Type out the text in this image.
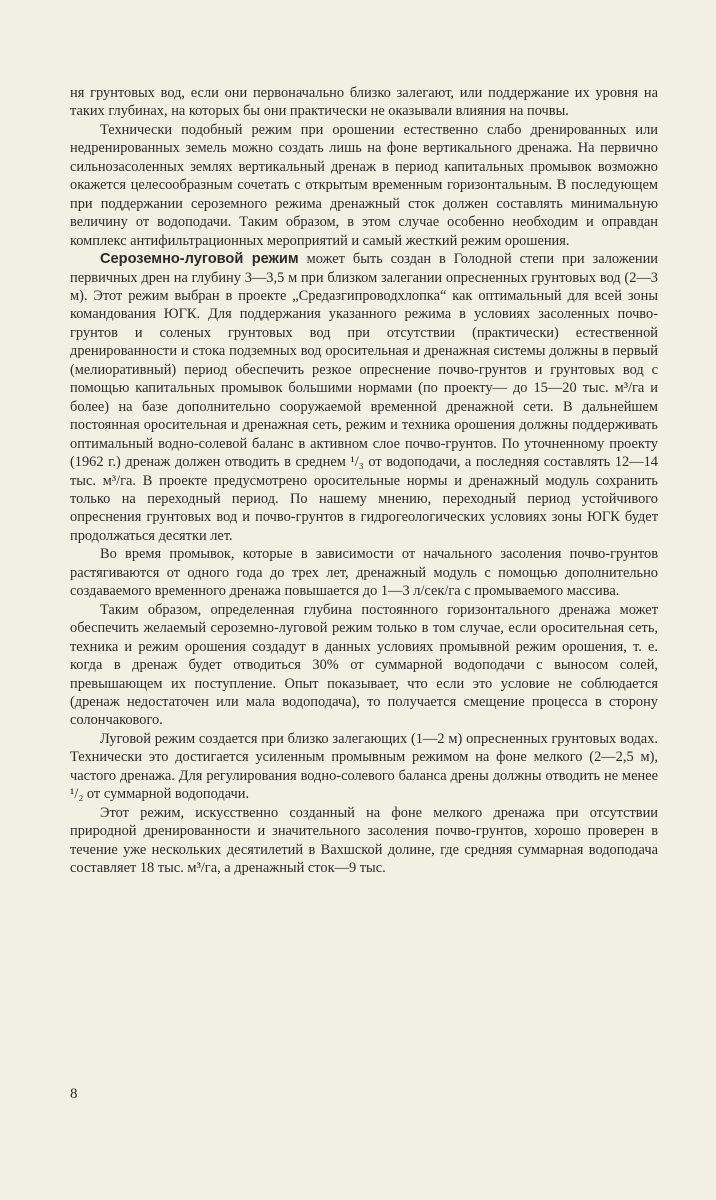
ня грунтовых вод, если они первоначально близко залегают, или поддержание их уровня на таких глубинах, на которых бы они практически не оказывали влияния на почвы.

Технически подобный режим при орошении естественно слабо дренированных или недренированных земель можно создать лишь на фоне вертикального дренажа. На первично сильнозасоленных землях вертикальный дренаж в период капитальных промывок возможно окажется целесообразным сочетать с открытым временным горизонтальным. В последующем при поддержании сероземного режима дренажный сток должен составлять минимальную величину от водоподачи. Таким образом, в этом случае особенно необходим и оправдан комплекс антифильтрационных мероприятий и самый жесткий режим орошения.

Сероземно-луговой режим может быть создан в Голодной степи при заложении первичных дрен на глубину 3—3,5 м при близком залегании опресненных грунтовых вод (2—3 м). Этот режим выбран в проекте „Средазгипроводхлопка“ как оптимальный для всей зоны командования ЮГК. Для поддержания указанного режима в условиях засоленных почво-грунтов и соленых грунтовых вод при отсутствии (практически) естественной дренированности и стока подземных вод оросительная и дренажная системы должны в первый (мелиоративный) период обеспечить резкое опреснение почво-грунтов и грунтовых вод с помощью капитальных промывок большими нормами (по проекту— до 15—20 тыс. м³/га и более) на базе дополнительно сооружаемой временной дренажной сети. В дальнейшем постоянная оросительная и дренажная сеть, режим и техника орошения должны поддерживать оптимальный водно-солевой баланс в активном слое почво-грунтов. По уточненному проекту (1962 г.) дренаж должен отводить в среднем ¹/₃ от водоподачи, а последняя составлять 12—14 тыс. м³/га. В проекте предусмотрено оросительные нормы и дренажный модуль сохранить только на переходный период. По нашему мнению, переходный период устойчивого опреснения грунтовых вод и почво-грунтов в гидрогеологических условиях зоны ЮГК будет продолжаться десятки лет.

Во время промывок, которые в зависимости от начального засоления почво-грунтов растягиваются от одного года до трех лет, дренажный модуль с помощью дополнительно создаваемого временного дренажа повышается до 1—3 л/сек/га с промываемого массива.

Таким образом, определенная глубина постоянного горизонтального дренажа может обеспечить желаемый сероземно-луговой режим только в том случае, если оросительная сеть, техника и режим орошения создадут в данных условиях промывной режим орошения, т. е. когда в дренаж будет отводиться 30% от суммарной водоподачи с выносом солей, превышающем их поступление. Опыт показывает, что если это условие не соблюдается (дренаж недостаточен или мала водоподача), то получается смещение процесса в сторону солончакового.

Луговой режим создается при близко залегающих (1—2 м) опресненных грунтовых водах. Технически это достигается усиленным промывным режимом на фоне мелкого (2—2,5 м), частого дренажа. Для регулирования водно-солевого баланса дрены должны отводить не менее ¹/₂ от суммарной водоподачи.

Этот режим, искусственно созданный на фоне мелкого дренажа при отсутствии природной дренированности и значительного засоления почво-грунтов, хорошо проверен в течение уже нескольких десятилетий в Вахшской долине, где средняя суммарная водоподача составляет 18 тыс. м³/га, а дренажный сток—9 тыс.

8
